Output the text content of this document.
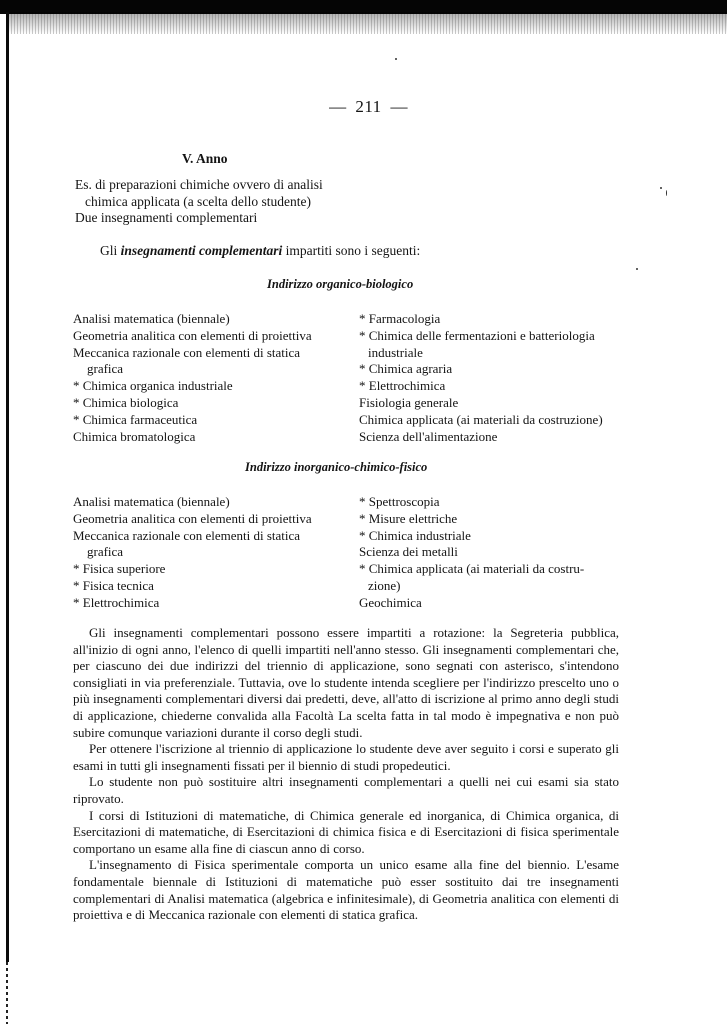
— 211 —
V. Anno
Es. di preparazioni chimiche ovvero di analisi
chimica applicata (a scelta dello studente)
Due insegnamenti complementari
Gli insegnamenti complementari impartiti sono i seguenti:
Indirizzo organico-biologico
Analisi matematica (biennale)
Geometria analitica con elementi di proiettiva
Meccanica razionale con elementi di statica
grafica
* Chimica organica industriale
* Chimica biologica
* Chimica farmaceutica
Chimica bromatologica
* Farmacologia
* Chimica delle fermentazioni e batteriologia
industriale
* Chimica agraria
* Elettrochimica
Fisiologia generale
Chimica applicata (ai materiali da costruzione)
Scienza dell'alimentazione
Indirizzo inorganico-chimico-fisico
Analisi matematica (biennale)
Geometria analitica con elementi di proiettiva
Meccanica razionale con elementi di statica
grafica
* Fisica superiore
* Fisica tecnica
* Elettrochimica
* Spettroscopia
* Misure elettriche
* Chimica industriale
Scienza dei metalli
* Chimica applicata (ai materiali da costru-
zione)
Geochimica

Gli insegnamenti complementari possono essere impartiti a rotazione: la Segreteria pubblica, all'inizio di ogni anno, l'elenco di quelli impartiti nell'anno stesso. Gli insegnamenti complementari che, per ciascuno dei due indirizzi del triennio di applicazione, sono segnati con asterisco, s'intendono consigliati in via preferenziale. Tuttavia, ove lo studente intenda scegliere per l'indirizzo prescelto uno o più insegnamenti complementari diversi dai predetti, deve, all'atto di iscrizione al primo anno degli studi di applicazione, chiederne convalida alla Facoltà La scelta fatta in tal modo è impegnativa e non può subire comunque variazioni durante il corso degli studi.

Per ottenere l'iscrizione al triennio di applicazione lo studente deve aver seguito i corsi e superato gli esami in tutti gli insegnamenti fissati per il biennio di studi propedeutici.

Lo studente non può sostituire altri insegnamenti complementari a quelli nei cui esami sia stato riprovato.

I corsi di Istituzioni di matematiche, di Chimica generale ed inorganica, di Chimica organica, di Esercitazioni di matematiche, di Esercitazioni di chimica fisica e di Esercitazioni di fisica sperimentale comportano un esame alla fine di ciascun anno di corso.

L'insegnamento di Fisica sperimentale comporta un unico esame alla fine del biennio. L'esame fondamentale biennale di Istituzioni di matematiche può esser sostituito dai tre insegnamenti complementari di Analisi matematica (algebrica e infinitesimale), di Geometria analitica con elementi di proiettiva e di Meccanica razionale con elementi di statica grafica.
